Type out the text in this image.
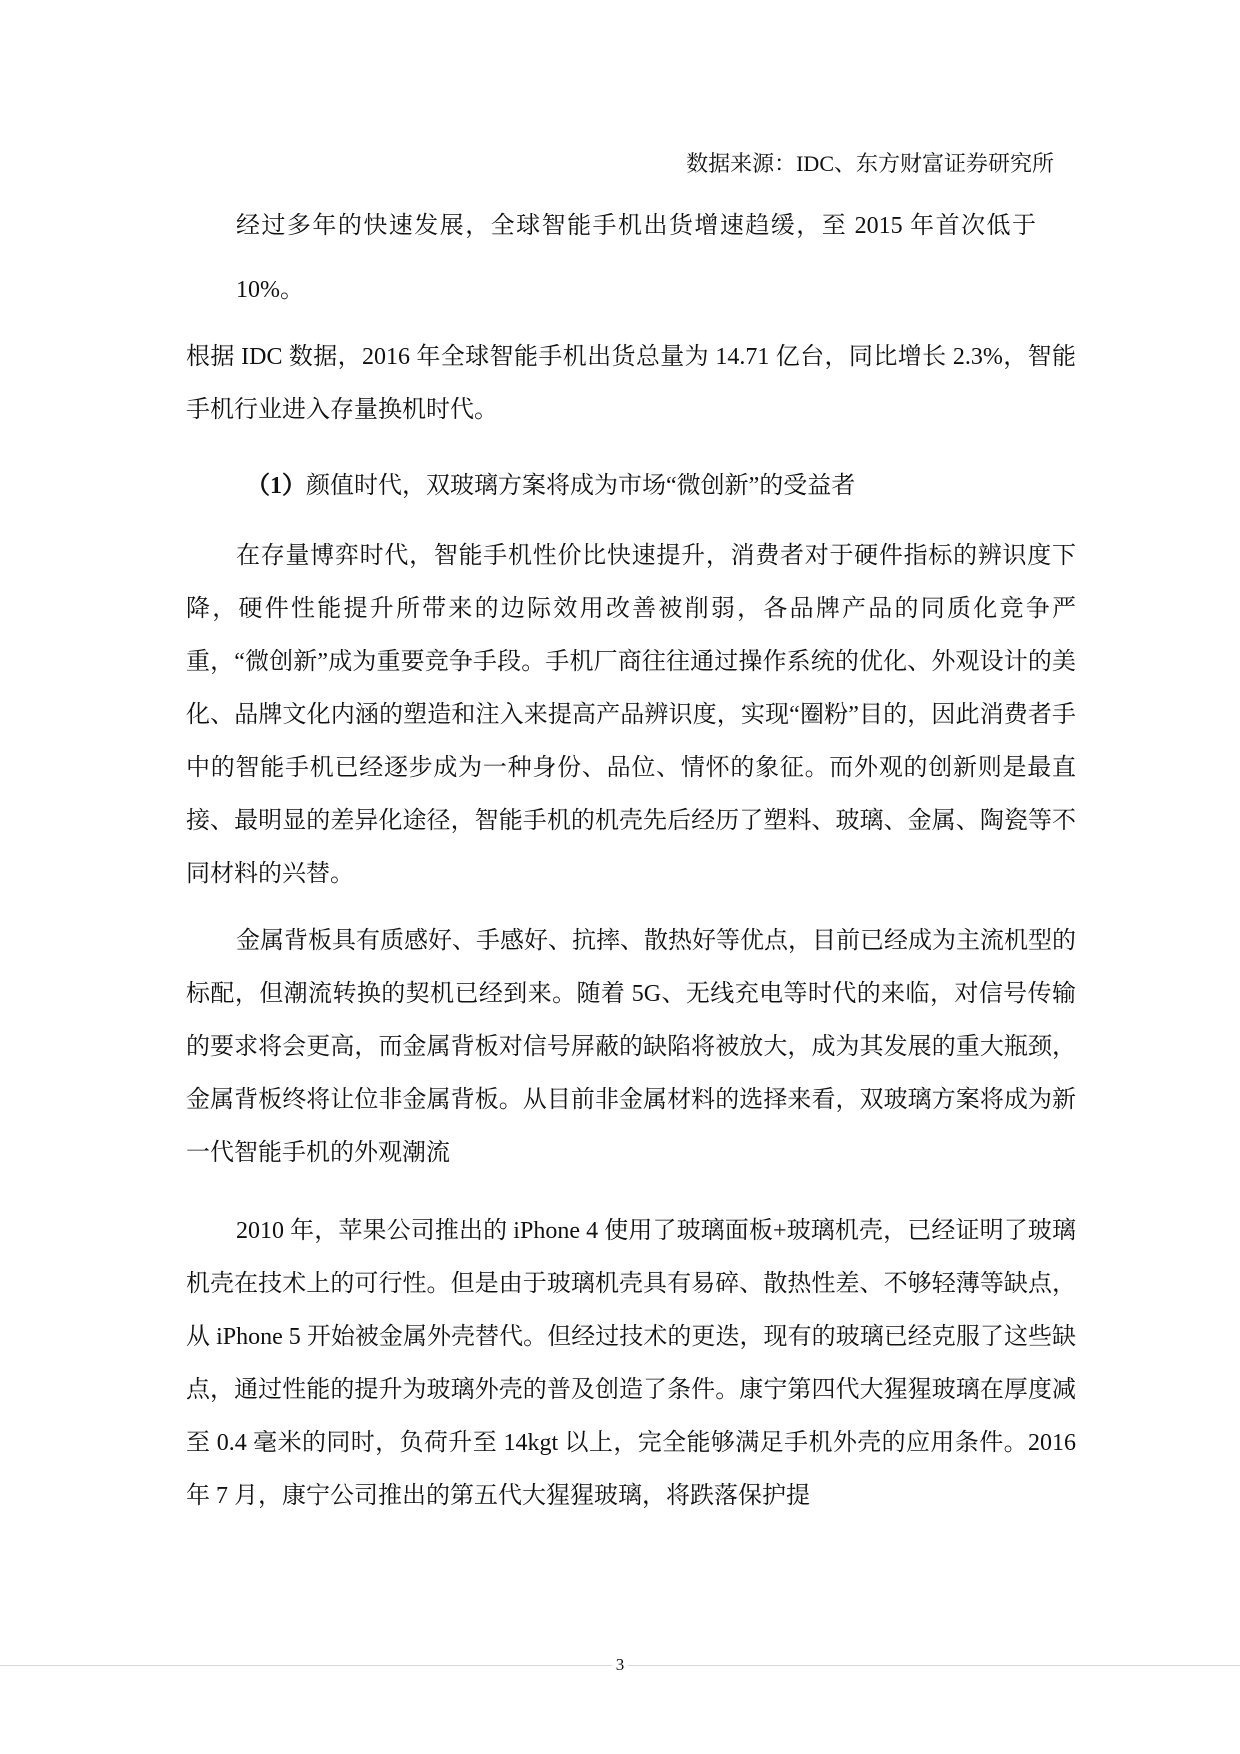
数据来源：IDC、东方财富证券研究所

经过多年的快速发展，全球智能手机出货增速趋缓，至 2015 年首次低于 10%。

根据 IDC 数据，2016 年全球智能手机出货总量为 14.71 亿台，同比增长 2.3%，智能手机行业进入存量换机时代。

（1）颜值时代，双玻璃方案将成为市场“微创新”的受益者

在存量博弈时代，智能手机性价比快速提升，消费者对于硬件指标的辨识度下降，硬件性能提升所带来的边际效用改善被削弱，各品牌产品的同质化竞争严重，“微创新”成为重要竞争手段。手机厂商往往通过操作系统的优化、外观设计的美化、品牌文化内涵的塑造和注入来提高产品辨识度，实现“圈粉”目的，因此消费者手中的智能手机已经逐步成为一种身份、品位、情怀的象征。而外观的创新则是最直接、最明显的差异化途径，智能手机的机壳先后经历了塑料、玻璃、金属、陶瓷等不同材料的兴替。

金属背板具有质感好、手感好、抗摔、散热好等优点，目前已经成为主流机型的标配，但潮流转换的契机已经到来。随着 5G、无线充电等时代的来临，对信号传输的要求将会更高，而金属背板对信号屏蔽的缺陷将被放大，成为其发展的重大瓶颈，金属背板终将让位非金属背板。从目前非金属材料的选择来看，双玻璃方案将成为新一代智能手机的外观潮流

2010 年，苹果公司推出的 iPhone 4 使用了玻璃面板+玻璃机壳，已经证明了玻璃机壳在技术上的可行性。但是由于玻璃机壳具有易碎、散热性差、不够轻薄等缺点，从 iPhone 5 开始被金属外壳替代。但经过技术的更迭，现有的玻璃已经克服了这些缺点，通过性能的提升为玻璃外壳的普及创造了条件。康宁第四代大猩猩玻璃在厚度减至 0.4 毫米的同时，负荷升至 14kgt 以上，完全能够满足手机外壳的应用条件。2016 年 7 月，康宁公司推出的第五代大猩猩玻璃，将跌落保护提

3
